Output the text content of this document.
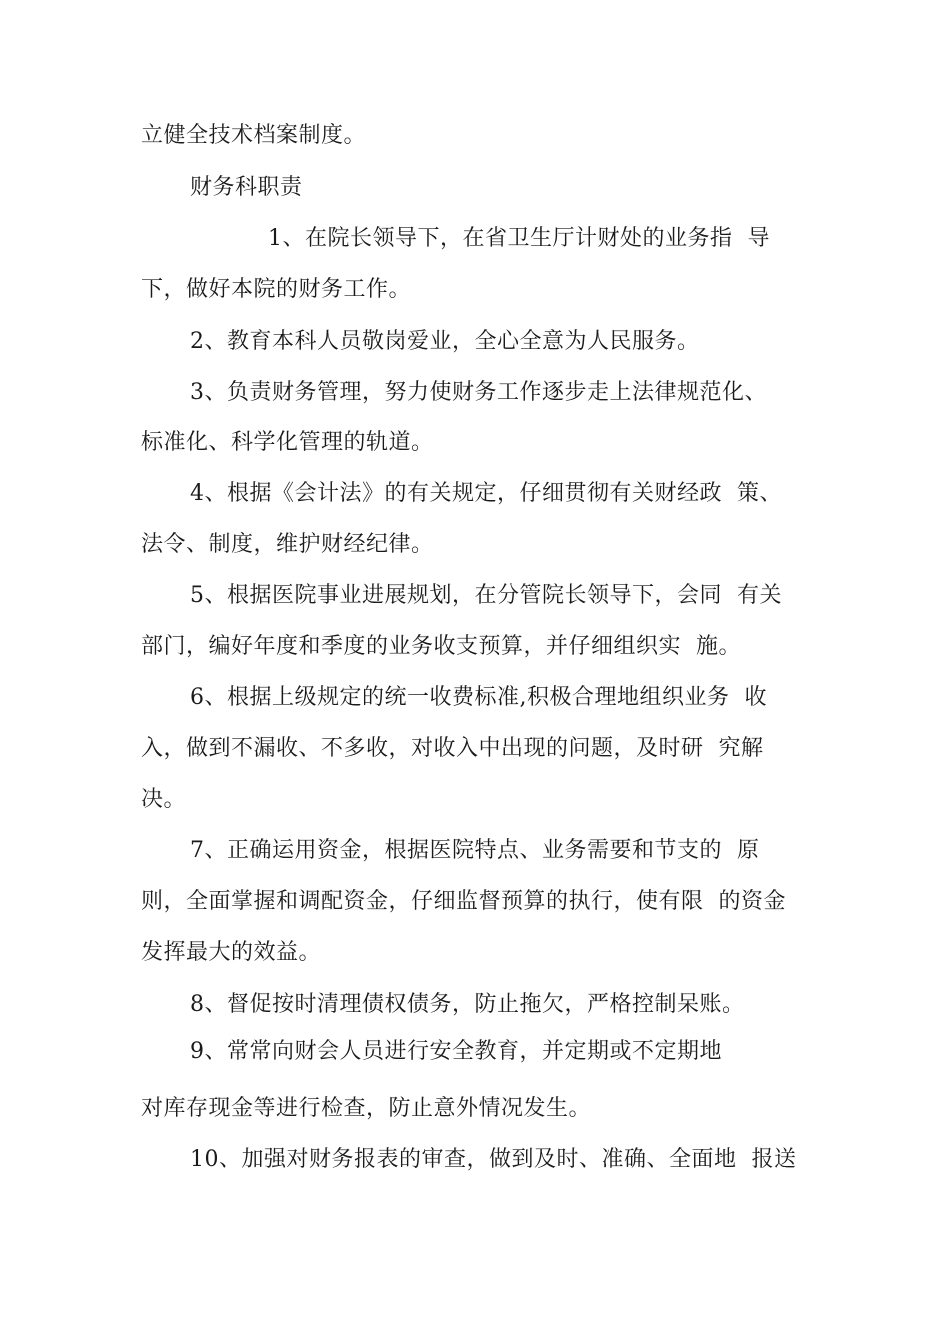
立健全技术档案制度。
财务科职责
1、在院长领导下，在省卫生厅计财处的业务指  导
下，做好本院的财务工作。
2、教育本科人员敬岗爱业，全心全意为人民服务。
3、负责财务管理，努力使财务工作逐步走上法律规范化、
标准化、科学化管理的轨道。
4、根据《会计法》的有关规定，仔细贯彻有关财经政  策、
法令、制度，维护财经纪律。
5、根据医院事业进展规划，在分管院长领导下，会同  有关
部门，编好年度和季度的业务收支预算，并仔细组织实  施。
6、根据上级规定的统一收费标准,积极合理地组织业务  收
入，做到不漏收、不多收，对收入中出现的问题，及时研  究解
决。
7、正确运用资金，根据医院特点、业务需要和节支的  原
则，全面掌握和调配资金，仔细监督预算的执行，使有限  的资金
发挥最大的效益。
8、督促按时清理债权债务，防止拖欠，严格控制呆账。
9、常常向财会人员进行安全教育，并定期或不定期地
对库存现金等进行检查，防止意外情况发生。
10、加强对财务报表的审查，做到及时、准确、全面地  报送
